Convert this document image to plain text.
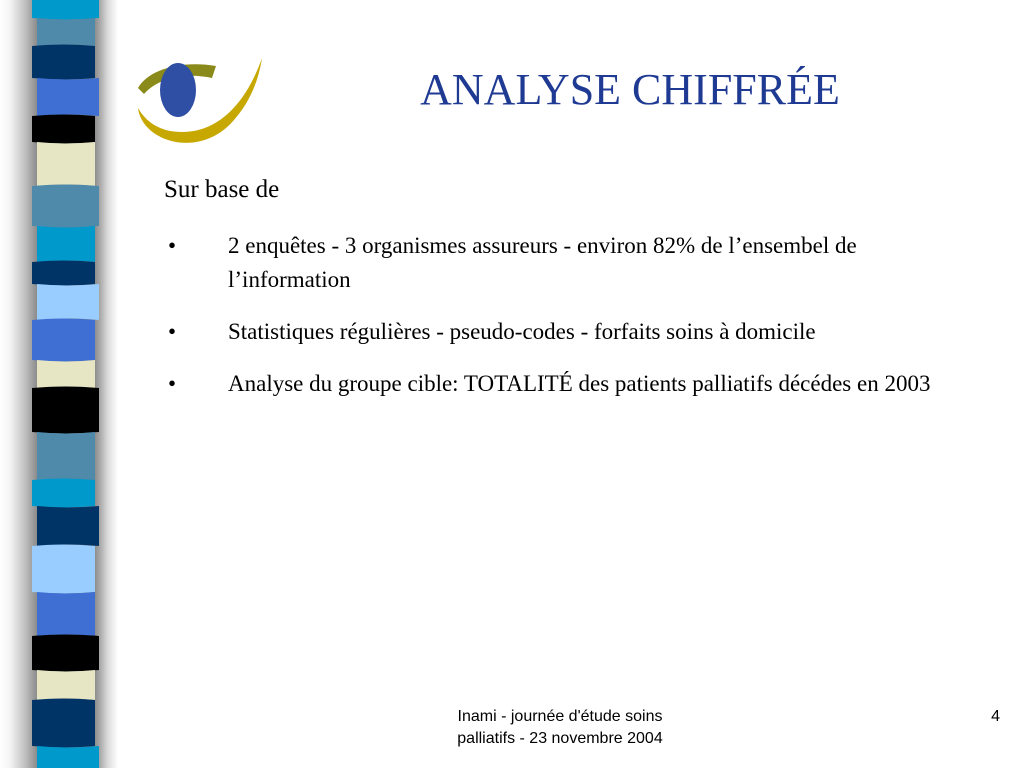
ANALYSE CHIFFRÉE
Sur base de
• 2 enquêtes - 3 organismes assureurs - environ 82% de l’ensembel de l’information
• Statistiques régulières - pseudo-codes - forfaits soins à domicile
• Analyse du groupe cible: TOTALITÉ des patients palliatifs décédes en 2003
Inami - journée d'étude soins
palliatifs - 23 novembre 2004
4
